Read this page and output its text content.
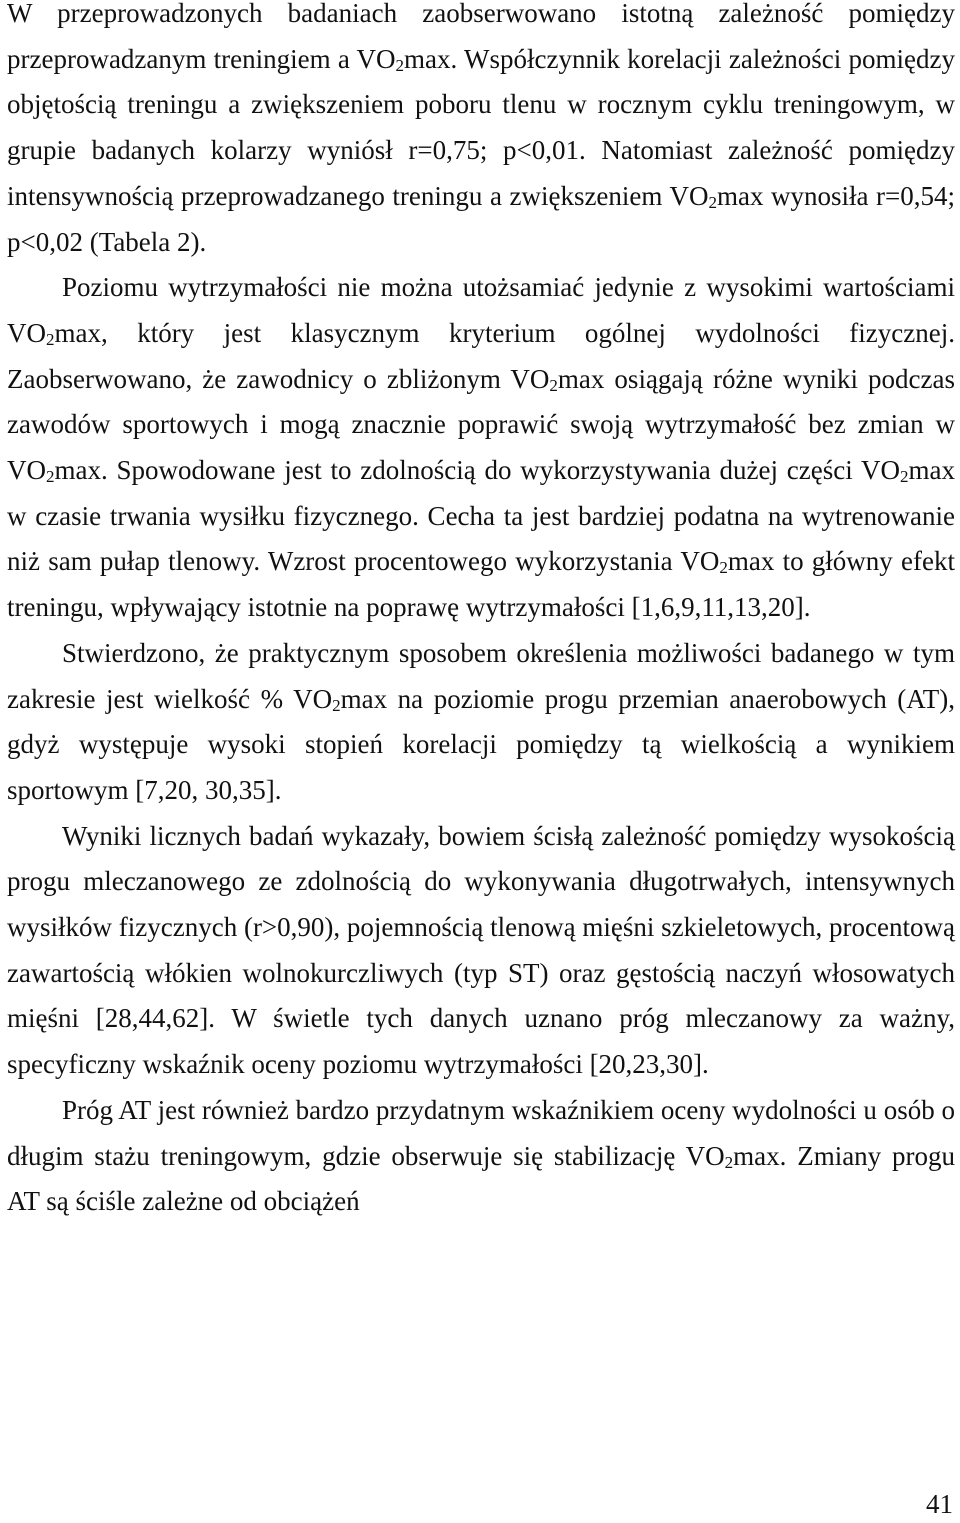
W przeprowadzonych badaniach zaobserwowano istotną zależność pomiędzy przeprowadzanym treningiem a $VO_2\max$. Współczynnik korelacji zależności pomiędzy objętością treningu a zwiększeniem poboru tlenu w rocznym cyklu treningowym, w grupie badanych kolarzy wyniósł r=0,75; p<0,01. Natomiast zależność pomiędzy intensywnością przeprowadzanego treningu a zwiększeniem $VO_2\max$ wynosiła r=0,54; p<0,02 (Tabela 2).

Poziomu wytrzymałości nie można utożsamiać jedynie z wysokimi wartościami $VO_2\max$, który jest klasycznym kryterium ogólnej wydolności fizycznej. Zaobserwowano, że zawodnicy o zbliżonym $VO_2\max$ osiągają różne wyniki podczas zawodów sportowych i mogą znacznie poprawić swoją wytrzymałość bez zmian w $VO_2\max$. Spowodowane jest to zdolnością do wykorzystywania dużej części $VO_2\max$ w czasie trwania wysiłku fizycznego. Cecha ta jest bardziej podatna na wytrenowanie niż sam pułap tlenowy. Wzrost procentowego wykorzystania $VO_2\max$ to główny efekt treningu, wpływający istotnie na poprawę wytrzymałości [1,6,9,11,13,20].

Stwierdzono, że praktycznym sposobem określenia możliwości badanego w tym zakresie jest wielkość % $VO_2\max$ na poziomie progu przemian anaerobowych (AT), gdyż występuje wysoki stopień korelacji pomiędzy tą wielkością a wynikiem sportowym [7,20, 30,35].

Wyniki licznych badań wykazały, bowiem ścisłą zależność pomiędzy wysokością progu mleczanowego ze zdolnością do wykonywania długotrwałych, intensywnych wysiłków fizycznych (r>0,90), pojemnością tlenową mięśni szkieletowych, procentową zawartością włókien wolnokurczliwych (typ ST) oraz gęstością naczyń włosowatych mięśni [28,44,62]. W świetle tych danych uznano próg mleczanowy za ważny, specyficzny wskaźnik oceny poziomu wytrzymałości [20,23,30].

Próg AT jest również bardzo przydatnym wskaźnikiem oceny wydolności u osób o długim stażu treningowym, gdzie obserwuje się stabilizację $VO_2\max$. Zmiany progu AT są ściśle zależne od obciążeń

41
